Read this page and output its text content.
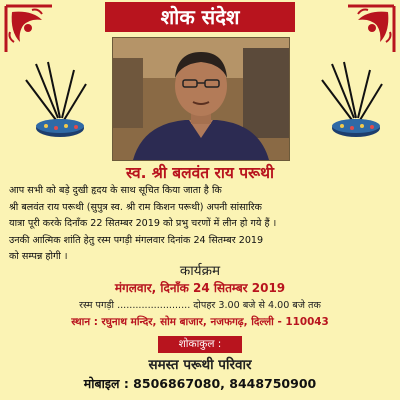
शोक संदेश
स्व. श्री बलवंत राय परूथी
आप सभी को बड़े दुखी हृदय के साथ सूचित किया जाता है कि
श्री बलवंत राय परूथी (सुपुत्र स्व. श्री राम किशन परूथी) अपनी सांसारिक
यात्रा पूरी करके दिनाँक 22 सितम्बर 2019 को प्रभु चरणों में लीन हो गये हैं ।
उनकी आत्मिक शांति हेतु रस्म पगड़ी मंगलवार दिनांक 24 सितम्बर 2019
को सम्पन्न होगी ।
कार्यक्रम
मंगलवार, दिनाँक 24 सितम्बर 2019
रस्म पगड़ी ........................ दोपहर 3.00 बजे से 4.00 बजे तक
स्थान : रघुनाथ मन्दिर, सोम बाजार, नजफगढ़, दिल्ली - 110043
शोकाकुल :
समस्त परूथी परिवार
मोबाइल : 8506867080, 8448750900
